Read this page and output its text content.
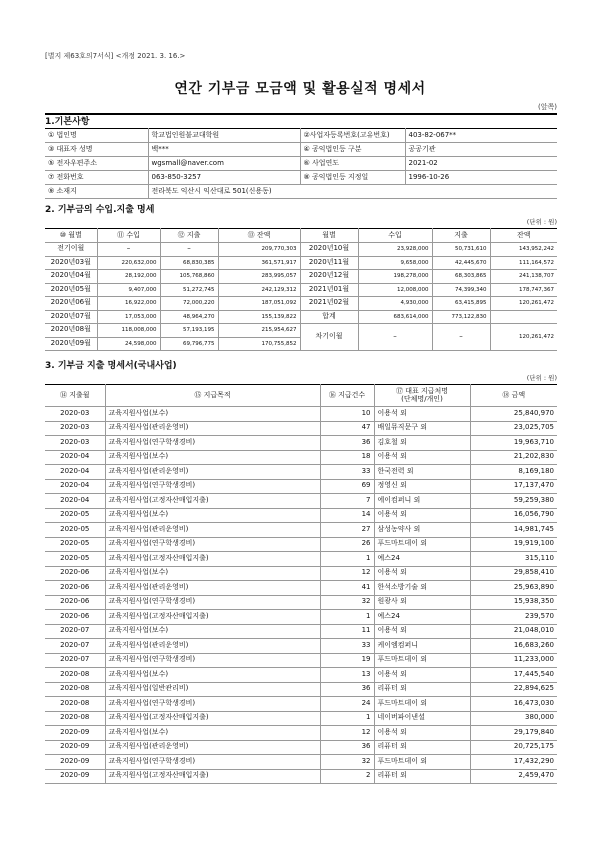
[별지 제63호의7서식] <개정 2021. 3. 16.>
연간 기부금 모금액 및 활용실적 명세서
(앞쪽)
1.기본사항
① 법인명	학교법인원불교대학원	②사업자등록번호(고유번호)	403-82-067**
③ 대표자 성명	백***	④ 공익법인등 구분	공공기관
⑤ 전자우편주소	wgsmall@naver.com	⑥ 사업연도	2021-02
⑦ 전화번호	063-850-3257	⑧ 공익법인등 지정일	1996-10-26
⑨ 소재지	전라북도 익산시 익산대로 501(신용동)		
2. 기부금의 수입.지출 명세
(단위 : 원)
⑩ 월별	⑪ 수입	⑫ 지출	⑬ 잔액	월별	수입	지출	잔액
전기이월	–	–	209,770,303	2020년10월	23,928,000	50,731,610	143,952,242
2020년03월	220,632,000	68,830,385	361,571,917	2020년11월	9,658,000	42,445,670	111,164,572
2020년04월	28,192,000	105,768,860	283,995,057	2020년12월	198,278,000	68,303,865	241,138,707
2020년05월	9,407,000	51,272,745	242,129,312	2021년01월	12,008,000	74,399,340	178,747,367
2020년06월	16,922,000	72,000,220	187,051,092	2021년02월	4,930,000	63,415,895	120,261,472
2020년07월	17,053,000	48,964,270	155,139,822	합계	683,614,000	773,122,830	
2020년08월	118,008,000	57,193,195	215,954,627	차기이월	–	–	120,261,472
2020년09월	24,598,000	69,796,775	170,755,852				
3. 기부금 지출 명세서(국내사업)
(단위 : 원)
⑭ 지출월	⑮ 지급목적	⑯ 지급건수	⑰ 대표 지급처명
(단체명/개인)	⑱ 금액
2020-03	교육지원사업(보수)	10	이용석 외	25,840,970
2020-03	교육지원사업(관리운영비)	47	배일뮤직문구 외	23,025,705
2020-03	교육지원사업(연구학생경비)	36	김호철 외	19,963,710
2020-04	교육지원사업(보수)	18	이용석 외	21,202,830
2020-04	교육지원사업(관리운영비)	33	한국전력 외	8,169,180
2020-04	교육지원사업(연구학생경비)	69	정영신 외	17,137,470
2020-04	교육지원사업(고정자산매입지출)	7	에이컴퍼니 외	59,259,380
2020-05	교육지원사업(보수)	14	이용석 외	16,056,790
2020-05	교육지원사업(관리운영비)	27	삼성농약사 외	14,981,745
2020-05	교육지원사업(연구학생경비)	26	푸드마트데이 외	19,919,100
2020-05	교육지원사업(고정자산매입지출)	1	예스24	315,110
2020-06	교육지원사업(보수)	12	이용석 외	29,858,410
2020-06	교육지원사업(관리운영비)	41	한석소방기술 외	25,963,890
2020-06	교육지원사업(연구학생경비)	32	원광사 외	15,938,350
2020-06	교육지원사업(고정자산매입지출)	1	예스24	239,570
2020-07	교육지원사업(보수)	11	이용석 외	21,048,010
2020-07	교육지원사업(관리운영비)	33	케이엠컴퍼니	16,683,260
2020-07	교육지원사업(연구학생경비)	19	푸드마트데이 외	11,233,000
2020-08	교육지원사업(보수)	13	이용석 외	17,445,540
2020-08	교육지원사업(일반관리비)	36	리퓨터 외	22,894,625
2020-08	교육지원사업(연구학생경비)	24	푸드마트데이 외	16,473,030
2020-08	교육지원사업(고정자산매입지출)	1	네이버파이낸셜	380,000
2020-09	교육지원사업(보수)	12	이용석 외	29,179,840
2020-09	교육지원사업(관리운영비)	36	리퓨터 외	20,725,175
2020-09	교육지원사업(연구학생경비)	32	푸드마트데이 외	17,432,290
2020-09	교육지원사업(고정자산매입지출)	2	리퓨터 외	2,459,470
